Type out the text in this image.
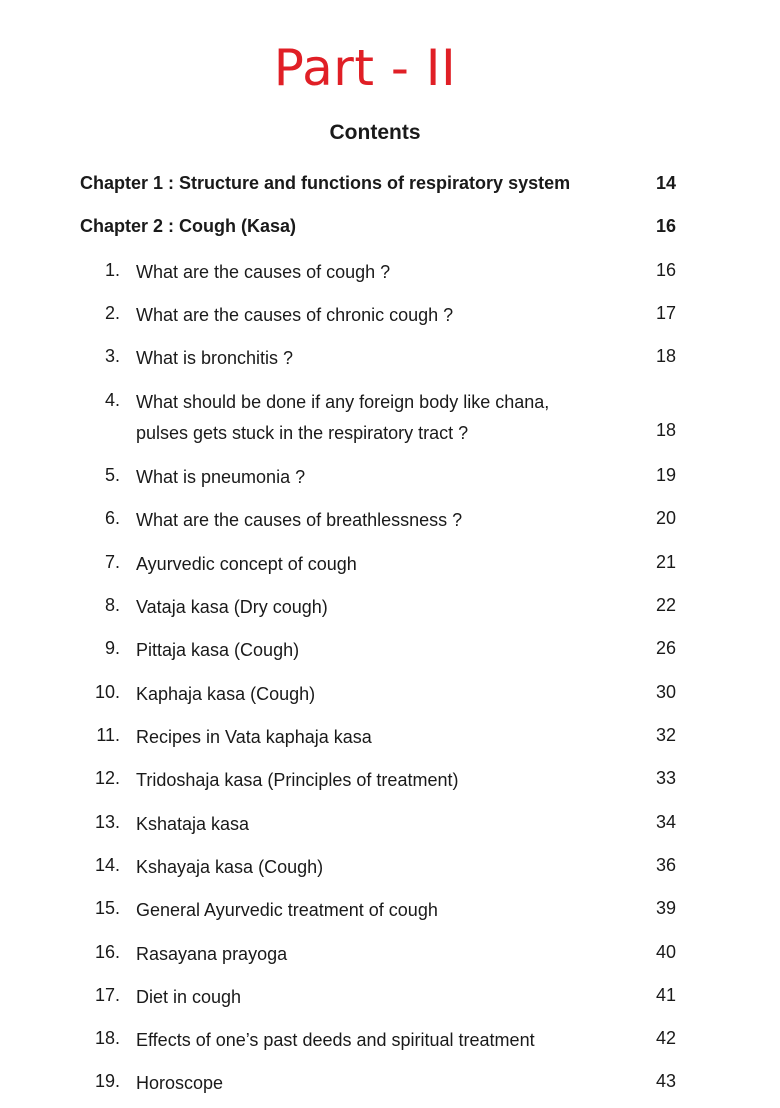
Part - II
Contents
Chapter 1 : Structure and functions of respiratory system	14
Chapter 2 : Cough (Kasa)	16
1. What are the causes of cough ?	16
2. What are the causes of chronic cough ?	17
3. What is bronchitis ?	18
4. What should be done if any foreign body like chana,
pulses gets stuck in the respiratory tract ?	18
5. What is pneumonia ?	19
6. What are the causes of breathlessness ?	20
7. Ayurvedic concept of cough	21
8. Vataja kasa (Dry cough)	22
9. Pittaja kasa (Cough)	26
10. Kaphaja kasa (Cough)	30
11. Recipes in Vata kaphaja kasa	32
12. Tridoshaja kasa (Principles of treatment)	33
13. Kshataja kasa	34
14. Kshayaja kasa (Cough)	36
15. General Ayurvedic treatment of cough	39
16. Rasayana prayoga	40
17. Diet in cough	41
18. Effects of one’s past deeds and spiritual treatment	42
19. Horoscope	43
